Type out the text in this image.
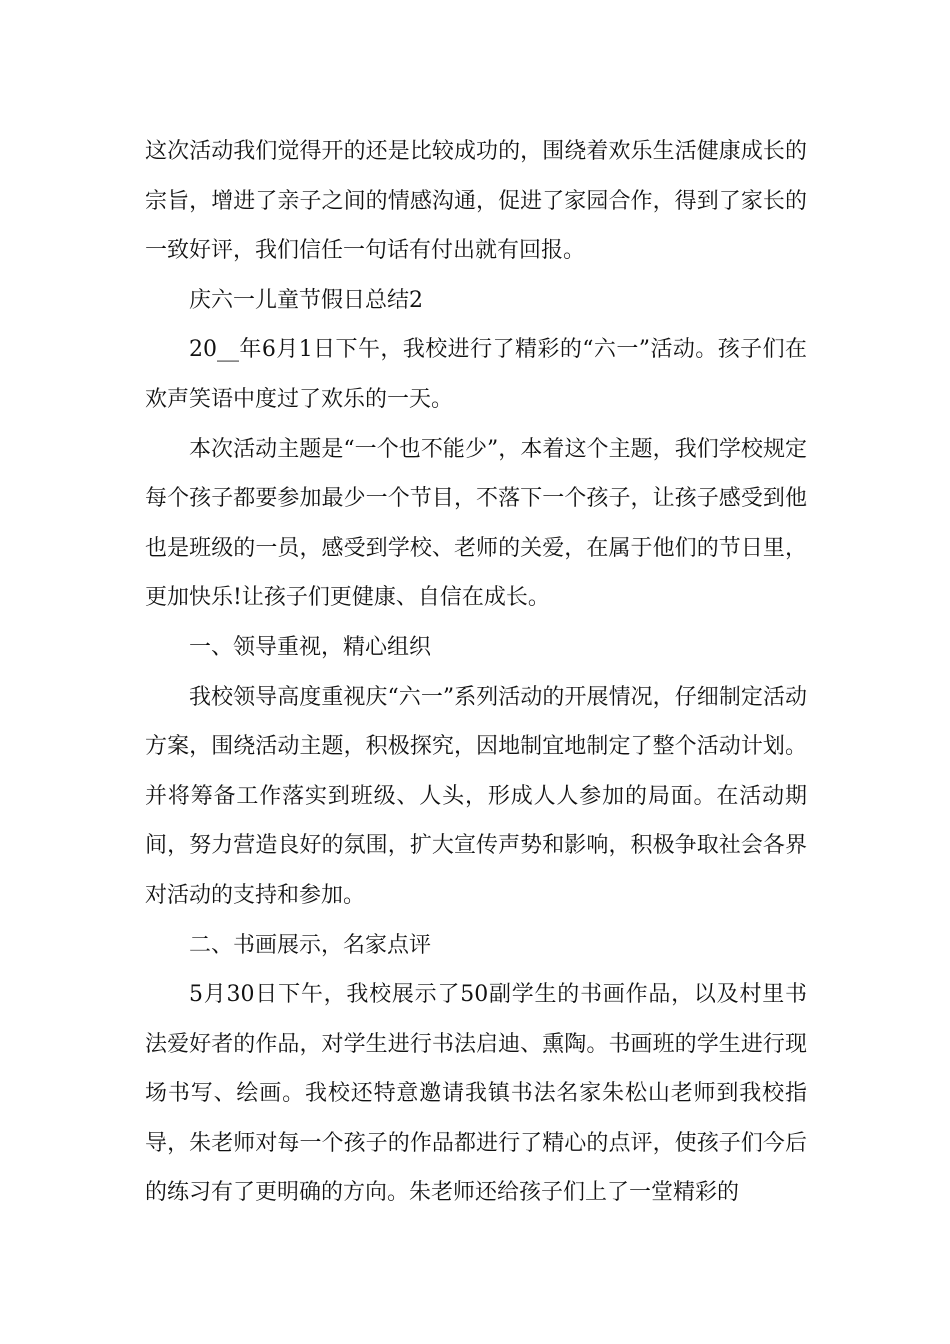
这次活动我们觉得开的还是比较成功的，围绕着欢乐生活健康成长的宗旨，增进了亲子之间的情感沟通，促进了家园合作，得到了家长的一致好评，我们信任一句话有付出就有回报。

庆六一儿童节假日总结2

20__年6月1日下午，我校进行了精彩的“六一”活动。孩子们在欢声笑语中度过了欢乐的一天。

本次活动主题是“一个也不能少”，本着这个主题，我们学校规定每个孩子都要参加最少一个节目，不落下一个孩子，让孩子感受到他也是班级的一员，感受到学校、老师的关爱，在属于他们的节日里，更加快乐!让孩子们更健康、自信在成长。

一、领导重视，精心组织

我校领导高度重视庆“六一”系列活动的开展情况，仔细制定活动方案，围绕活动主题，积极探究，因地制宜地制定了整个活动计划。并将筹备工作落实到班级、人头，形成人人参加的局面。在活动期间，努力营造良好的氛围，扩大宣传声势和影响，积极争取社会各界对活动的支持和参加。

二、书画展示，名家点评

5月30日下午，我校展示了50副学生的书画作品，以及村里书法爱好者的作品，对学生进行书法启迪、熏陶。书画班的学生进行现场书写、绘画。我校还特意邀请我镇书法名家朱松山老师到我校指导，朱老师对每一个孩子的作品都进行了精心的点评，使孩子们今后的练习有了更明确的方向。朱老师还给孩子们上了一堂精彩的
